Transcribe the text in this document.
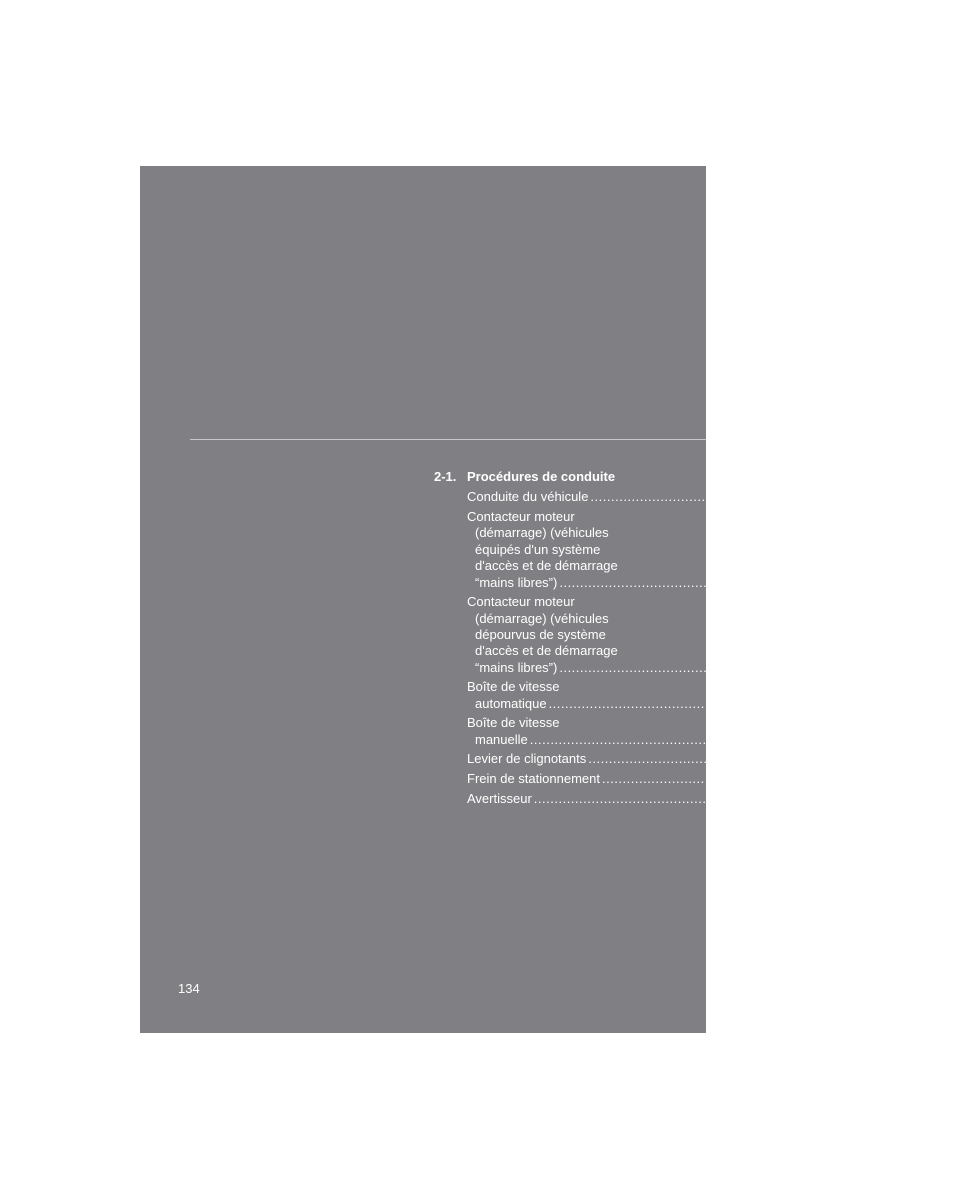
2-1. Procédures de conduite
Conduite du véhicule ................................................................................ 136
Contacteur moteur
(démarrage) (véhicules
équipés d'un système
d'accès et de démarrage
“mains libres”) ................................................................................ 149
Contacteur moteur
(démarrage) (véhicules
dépourvus de système
d'accès et de démarrage
“mains libres”) ................................................................................ 153
Boîte de vitesse
automatique ................................................................................ 157
Boîte de vitesse
manuelle ................................................................................ 163
Levier de clignotants ................................................................................ 164
Frein de stationnement ................................................................................ 165
Avertisseur ................................................................................ 166
134
